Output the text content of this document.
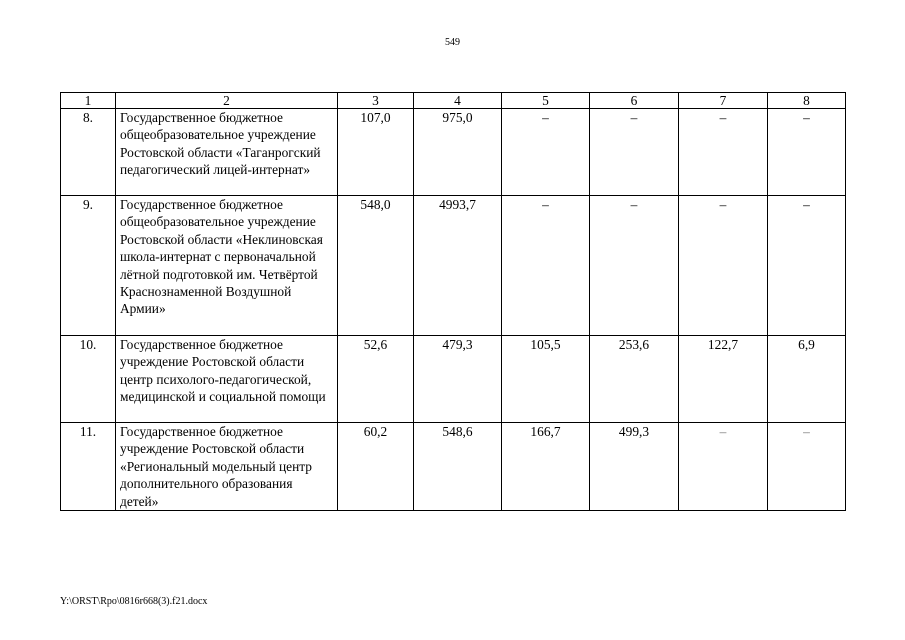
549
1	2	3	4	5	6	7	8
8.	Государственное бюджетное общеобразовательное учреждение Ростовской области «Таганрогский педагогический лицей-интернат»	107,0	975,0	–	–	–	–
9.	Государственное бюджетное общеобразовательное учреждение Ростовской области «Неклиновская школа-интернат с первоначальной лётной подготовкой им. Четвёртой Краснознаменной Воздушной Армии»	548,0	4993,7	–	–	–	–
10.	Государственное бюджетное учреждение Ростовской области центр психолого-педагогической, медицинской и социальной помощи	52,6	479,3	105,5	253,6	122,7	6,9
11.	Государственное бюджетное учреждение Ростовской области «Региональный модельный центр дополнительного образования детей»	60,2	548,6	166,7	499,3	–	–
Y:\ORST\Rpo\0816r668(3).f21.docx
